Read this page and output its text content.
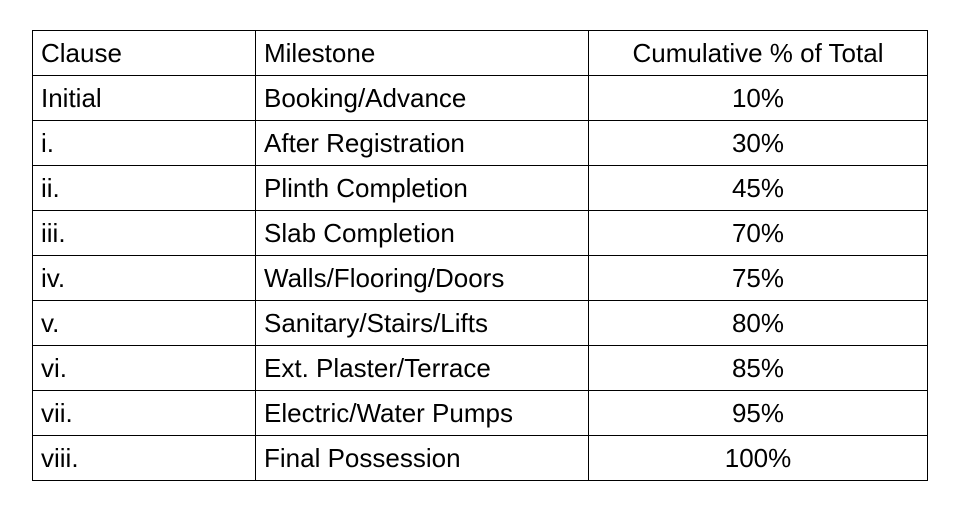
Clause	Milestone	Cumulative % of Total
Initial	Booking/Advance	10%
i.	After Registration	30%
ii.	Plinth Completion	45%
iii.	Slab Completion	70%
iv.	Walls/Flooring/Doors	75%
v.	Sanitary/Stairs/Lifts	80%
vi.	Ext. Plaster/Terrace	85%
vii.	Electric/Water Pumps	95%
viii.	Final Possession	100%
